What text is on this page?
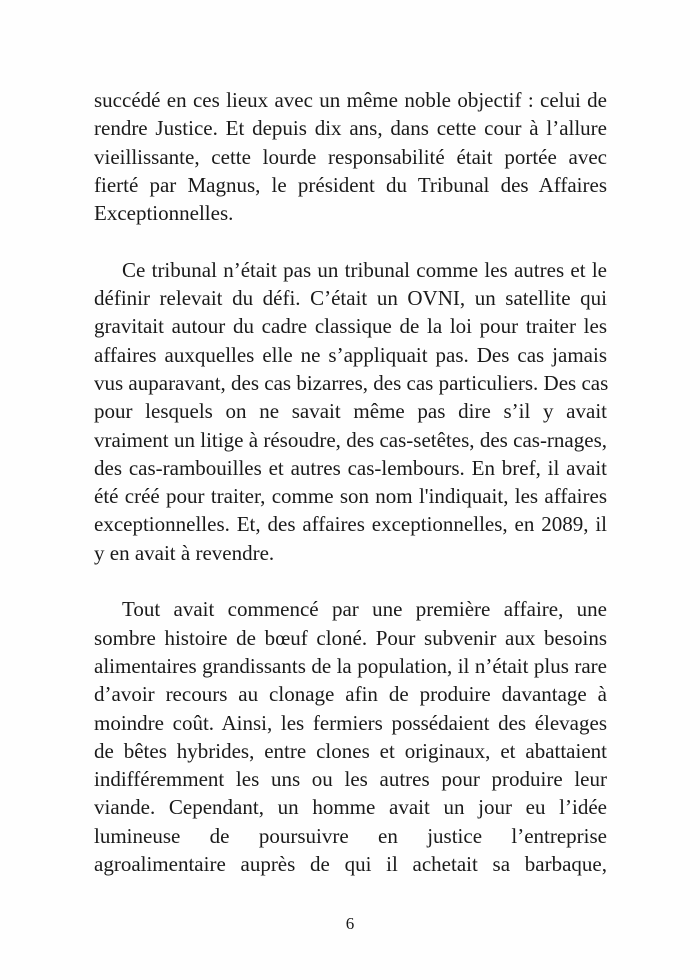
succédé en ces lieux avec un même noble objectif : celui de
rendre Justice. Et depuis dix ans, dans cette cour à l’allure
vieillissante, cette lourde responsabilité était portée avec
fierté par Magnus, le président du Tribunal des Affaires
Exceptionnelles.

Ce tribunal n’était pas un tribunal comme les autres et le
définir relevait du défi. C’était un OVNI, un satellite qui
gravitait autour du cadre classique de la loi pour traiter les
affaires auxquelles elle ne s’appliquait pas. Des cas jamais
vus auparavant, des cas bizarres, des cas particuliers. Des cas
pour lesquels on ne savait même pas dire s’il y avait
vraiment un litige à résoudre, des cas-setêtes, des cas-rnages,
des cas-rambouilles et autres cas-lembours. En bref, il avait
été créé pour traiter, comme son nom l'indiquait, les affaires
exceptionnelles. Et, des affaires exceptionnelles, en 2089, il
y en avait à revendre.

Tout avait commencé par une première affaire, une
sombre histoire de bœuf cloné. Pour subvenir aux besoins
alimentaires grandissants de la population, il n’était plus rare
d’avoir recours au clonage afin de produire davantage à
moindre coût. Ainsi, les fermiers possédaient des élevages
de bêtes hybrides, entre clones et originaux, et abattaient
indifféremment les uns ou les autres pour produire leur
viande. Cependant, un homme avait un jour eu l’idée
lumineuse de poursuivre en justice l’entreprise
agroalimentaire auprès de qui il achetait sa barbaque,

6
